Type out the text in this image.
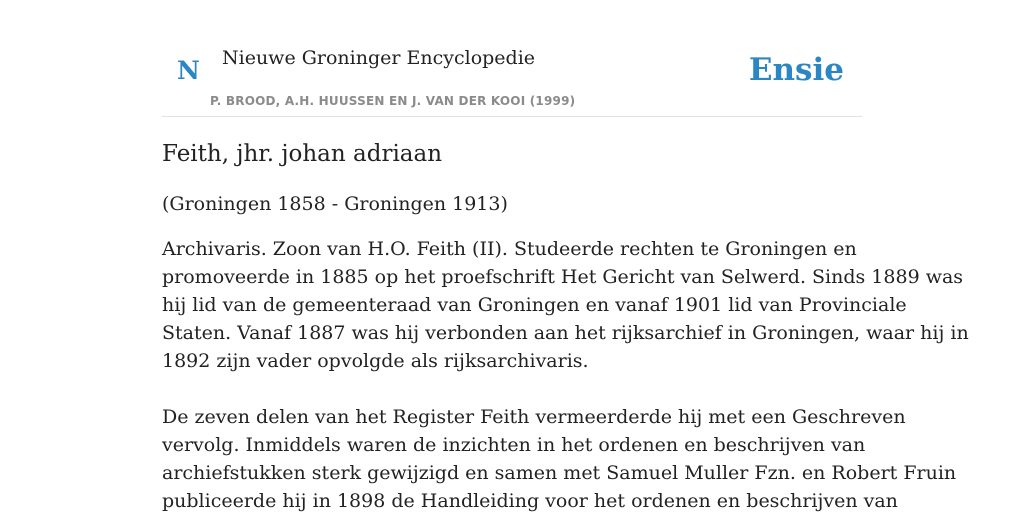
N Nieuwe Groninger Encyclopedie
P. BROOD, A.H. HUUSSEN EN J. VAN DER KOOI (1999)
Ensie
Feith, jhr. johan adriaan

(Groningen 1858 - Groningen 1913)

Archivaris. Zoon van H.O. Feith (II). Studeerde rechten te Groningen en
promoveerde in 1885 op het proefschrift Het Gericht van Selwerd. Sinds 1889 was
hij lid van de gemeenteraad van Groningen en vanaf 1901 lid van Provinciale
Staten. Vanaf 1887 was hij verbonden aan het rijksarchief in Groningen, waar hij in
1892 zijn vader opvolgde als rijksarchivaris.

De zeven delen van het Register Feith vermeerderde hij met een Geschreven
vervolg. Inmiddels waren de inzichten in het ordenen en beschrijven van
archiefstukken sterk gewijzigd en samen met Samuel Muller Fzn. en Robert Fruin
publiceerde hij in 1898 de Handleiding voor het ordenen en beschrijven van
